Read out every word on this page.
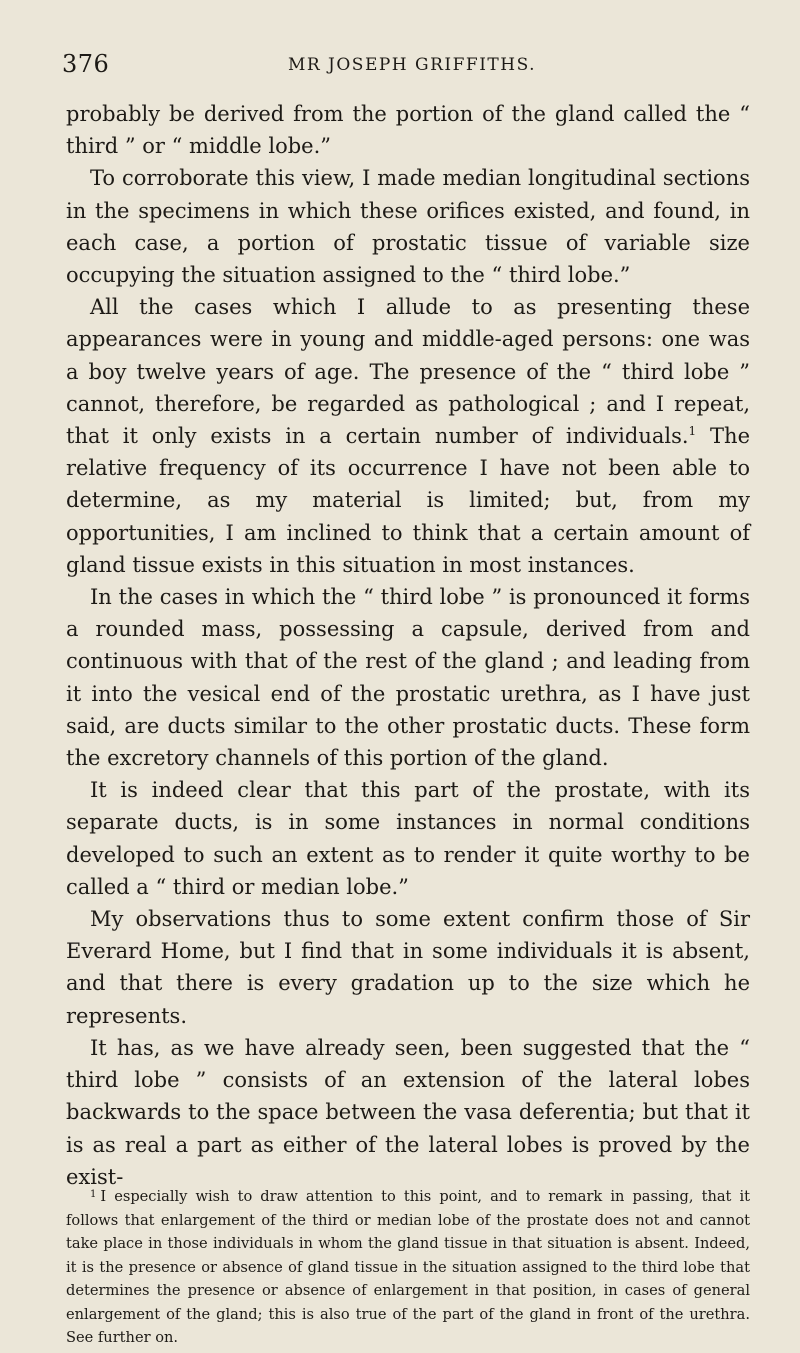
376	MR JOSEPH GRIFFITHS.

probably be derived from the portion of the gland called the “ third ” or “ middle lobe.”

To corroborate this view, I made median longitudinal sections in the specimens in which these orifices existed, and found, in each case, a portion of prostatic tissue of variable size occupying the situation assigned to the “ third lobe.”

All the cases which I allude to as presenting these appearances were in young and middle-aged persons: one was a boy twelve years of age. The presence of the “ third lobe ” cannot, therefore, be regarded as pathological ; and I repeat, that it only exists in a certain number of individuals.$^1$ The relative frequency of its occurrence I have not been able to determine, as my material is limited; but, from my opportunities, I am inclined to think that a certain amount of gland tissue exists in this situation in most instances.

In the cases in which the “ third lobe ” is pronounced it forms a rounded mass, possessing a capsule, derived from and continuous with that of the rest of the gland ; and leading from it into the vesical end of the prostatic urethra, as I have just said, are ducts similar to the other prostatic ducts. These form the excretory channels of this portion of the gland.

It is indeed clear that this part of the prostate, with its separate ducts, is in some instances in normal conditions developed to such an extent as to render it quite worthy to be called a “ third or median lobe.”

My observations thus to some extent confirm those of Sir Everard Home, but I find that in some individuals it is absent, and that there is every gradation up to the size which he represents.

It has, as we have already seen, been suggested that the “ third lobe ” consists of an extension of the lateral lobes backwards to the space between the vasa deferentia; but that it is as real a part as either of the lateral lobes is proved by the exist-

$^1$ I especially wish to draw attention to this point, and to remark in passing, that it follows that enlargement of the third or median lobe of the prostate does not and cannot take place in those individuals in whom the gland tissue in that situation is absent. Indeed, it is the presence or absence of gland tissue in the situation assigned to the third lobe that determines the presence or absence of enlargement in that position, in cases of general enlargement of the gland; this is also true of the part of the gland in front of the urethra. See further on.
